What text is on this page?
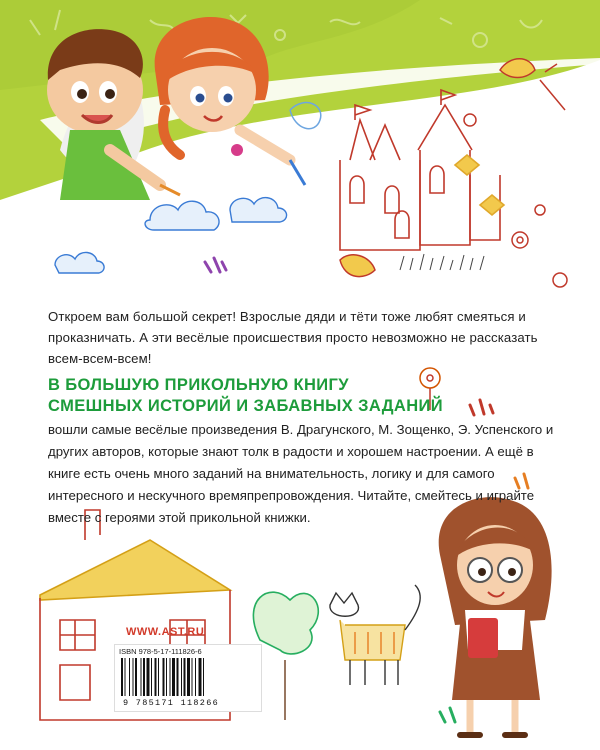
Откроем вам большой секрет! Взрослые дяди и тёти тоже любят смеяться и проказничать. А эти весёлые происшествия просто невозможно не рассказать всем-всем-всем!

В БОЛЬШУЮ ПРИКОЛЬНУЮ КНИГУ
СМЕШНЫХ ИСТОРИЙ И ЗАБАВНЫХ ЗАДАНИЙ

вошли самые весёлые произведения В. Драгунского, М. Зощенко, Э. Успенского и других авторов, которые знают толк в радости и хорошем настроении. А ещё в книге есть очень много заданий на внимательность, логику и для самого интересного и нескучного времяпрепровождения. Читайте, смейтесь и играйте вместе с героями этой прикольной книжки.

WWW.AST.RU
ISBN 978-5-17-111826-6
9 785171 118266
